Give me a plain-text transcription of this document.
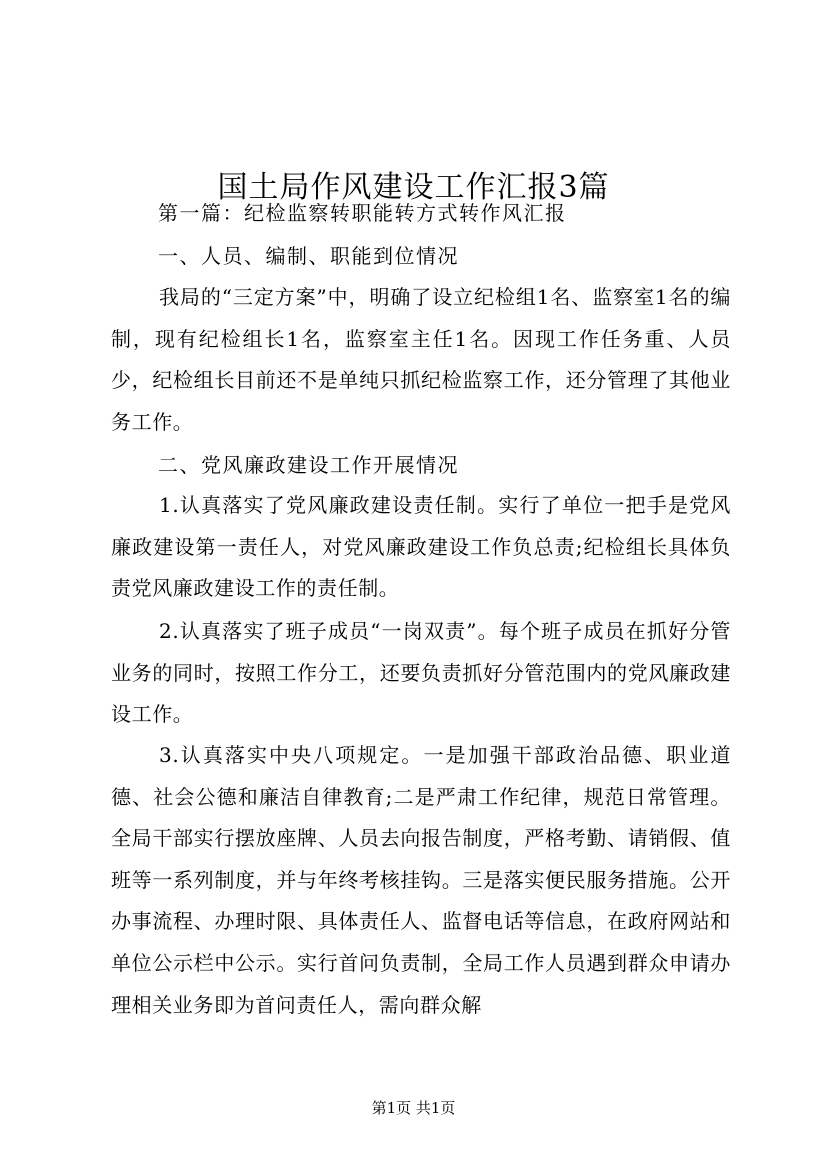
国土局作风建设工作汇报3篇
第一篇：纪检监察转职能转方式转作风汇报
一、人员、编制、职能到位情况

我局的“三定方案”中，明确了设立纪检组1名、监察室1名的编制，现有纪检组长1名，监察室主任1名。因现工作任务重、人员少，纪检组长目前还不是单纯只抓纪检监察工作，还分管理了其他业务工作。

二、党风廉政建设工作开展情况

1.认真落实了党风廉政建设责任制。实行了单位一把手是党风廉政建设第一责任人，对党风廉政建设工作负总责;纪检组长具体负责党风廉政建设工作的责任制。

2.认真落实了班子成员“一岗双责”。每个班子成员在抓好分管业务的同时，按照工作分工，还要负责抓好分管范围内的党风廉政建设工作。

3.认真落实中央八项规定。一是加强干部政治品德、职业道德、社会公德和廉洁自律教育;二是严肃工作纪律，规范日常管理。全局干部实行摆放座牌、人员去向报告制度，严格考勤、请销假、值班等一系列制度，并与年终考核挂钩。三是落实便民服务措施。公开办事流程、办理时限、具体责任人、监督电话等信息，在政府网站和单位公示栏中公示。实行首问负责制，全局工作人员遇到群众申请办理相关业务即为首问责任人，需向群众解

第1页 共1页
